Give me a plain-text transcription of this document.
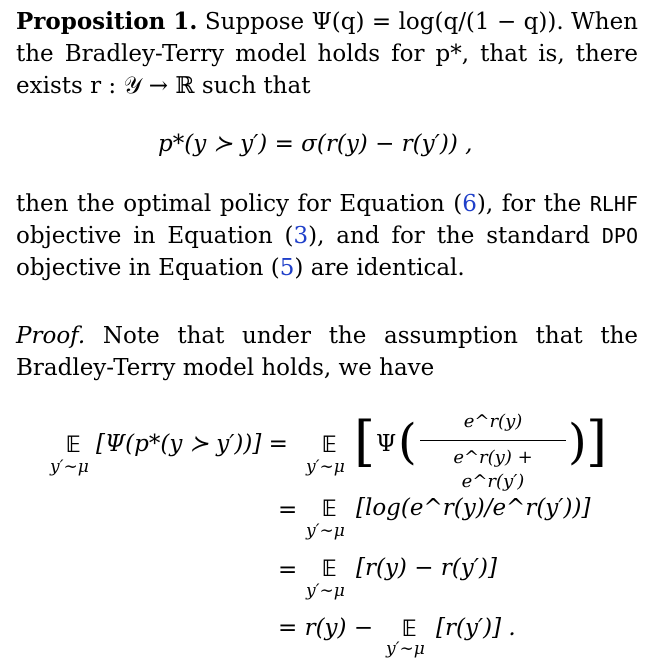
Proposition 1. Suppose Ψ(q) = log(q/(1 − q)). When the Bradley-Terry model holds for p*, that is, there exists r : 𝒴 → ℝ such that
p*(y ≻ y′) = σ(r(y) − r(y′)) ,
then the optimal policy for Equation (6), for the RLHF objective in Equation (3), and for the standard DPO objective in Equation (5) are identical.
Proof. Note that under the assumption that the Bradley-Terry model holds, we have
𝔼
y′∼μ
[Ψ(p*(y ≻ y′))] = 𝔼
y′∼μ [ Ψ (	e^r(y)
e^r(y) + e^r(y′)
) ]
= 𝔼
y′∼μ
[log(e^r(y)/e^r(y′))]
= 𝔼
y′∼μ
[r(y) − r(y′)]
= r(y) − 𝔼
y′∼μ
[r(y′)] .
